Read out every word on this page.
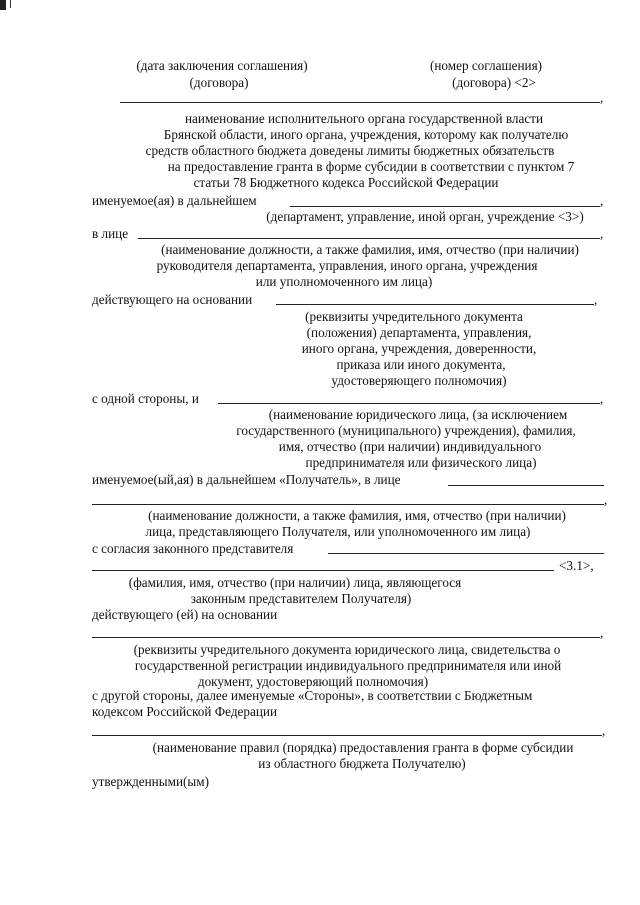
(дата заключения соглашения)
(договора)
(номер соглашения)
(договора) <2>
,
наименование исполнительного органа государственной власти
Брянской области, иного органа, учреждения, которому как получателю
средств областного бюджета доведены лимиты бюджетных обязательств
на предоставление гранта в форме субсидии в соответствии с пунктом 7
статьи 78 Бюджетного кодекса Российской Федерации
именуемое(ая) в дальнейшем	,
(департамент, управление, иной орган, учреждение <3>)
в лице	,
(наименование должности, а также фамилия, имя, отчество (при наличии)
руководителя департамента, управления, иного органа, учреждения
или уполномоченного им лица)
действующего на основании	,
(реквизиты учредительного документа
(положения) департамента, управления,
иного органа, учреждения, доверенности,
приказа или иного документа,
удостоверяющего полномочия)
с одной стороны, и	,
(наименование юридического лица, (за исключением
государственного (муниципального) учреждения), фамилия,
имя, отчество (при наличии) индивидуального
предпринимателя или физического лица)
именуемое(ый,ая) в дальнейшем «Получатель», в лице
,
(наименование должности, а также фамилия, имя, отчество (при наличии)
лица, представляющего Получателя, или уполномоченного им лица)
с согласия законного представителя
<3.1>,
(фамилия, имя, отчество (при наличии) лица, являющегося
законным представителем Получателя)
действующего (ей) на основании
,
(реквизиты учредительного документа юридического лица, свидетельства о
государственной регистрации индивидуального предпринимателя или иной
документ, удостоверяющий полномочия)
с другой стороны, далее именуемые «Стороны», в соответствии с Бюджетным
кодексом Российской Федерации
,
(наименование правил (порядка) предоставления гранта в форме субсидии
из областного бюджета Получателю)
утвержденными(ым)
